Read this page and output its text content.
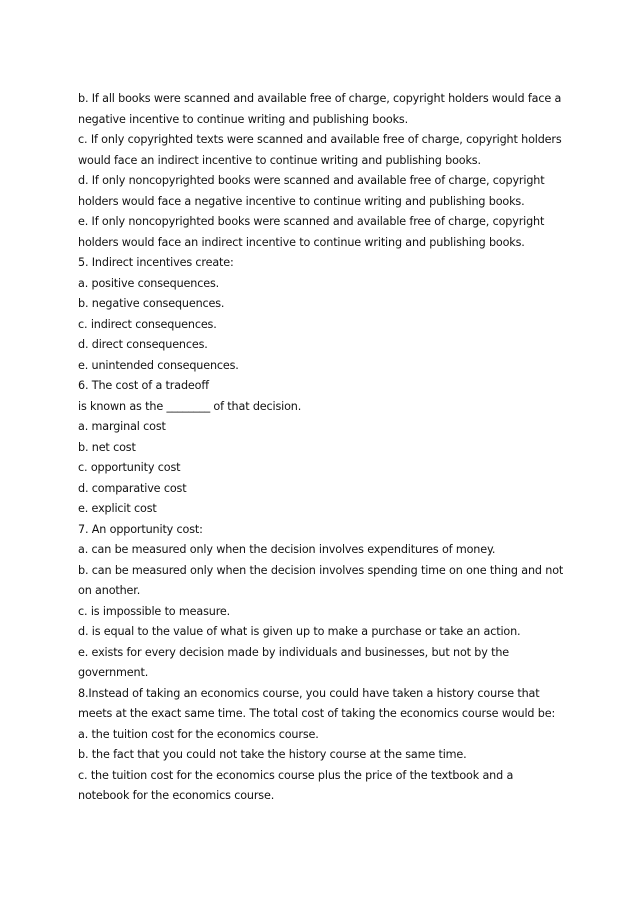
b. If all books were scanned and available free of charge, copyright holders would face a
negative incentive to continue writing and publishing books.
c. If only copyrighted texts were scanned and available free of charge, copyright holders
would face an indirect incentive to continue writing and publishing books.
d. If only noncopyrighted books were scanned and available free of charge, copyright
holders would face a negative incentive to continue writing and publishing books.
e. If only noncopyrighted books were scanned and available free of charge, copyright
holders would face an indirect incentive to continue writing and publishing books.
5. Indirect incentives create:
a. positive consequences.
b. negative consequences.
c. indirect consequences.
d. direct consequences.
e. unintended consequences.
6. The cost of a tradeoff
is known as the ________ of that decision.
a. marginal cost
b. net cost
c. opportunity cost
d. comparative cost
e. explicit cost
7. An opportunity cost:
a. can be measured only when the decision involves expenditures of money.
b. can be measured only when the decision involves spending time on one thing and not
on another.
c. is impossible to measure.
d. is equal to the value of what is given up to make a purchase or take an action.
e. exists for every decision made by individuals and businesses, but not by the
government.
8.Instead of taking an economics course, you could have taken a history course that
meets at the exact same time. The total cost of taking the economics course would be:
a. the tuition cost for the economics course.
b. the fact that you could not take the history course at the same time.
c. the tuition cost for the economics course plus the price of the textbook and a
notebook for the economics course.
